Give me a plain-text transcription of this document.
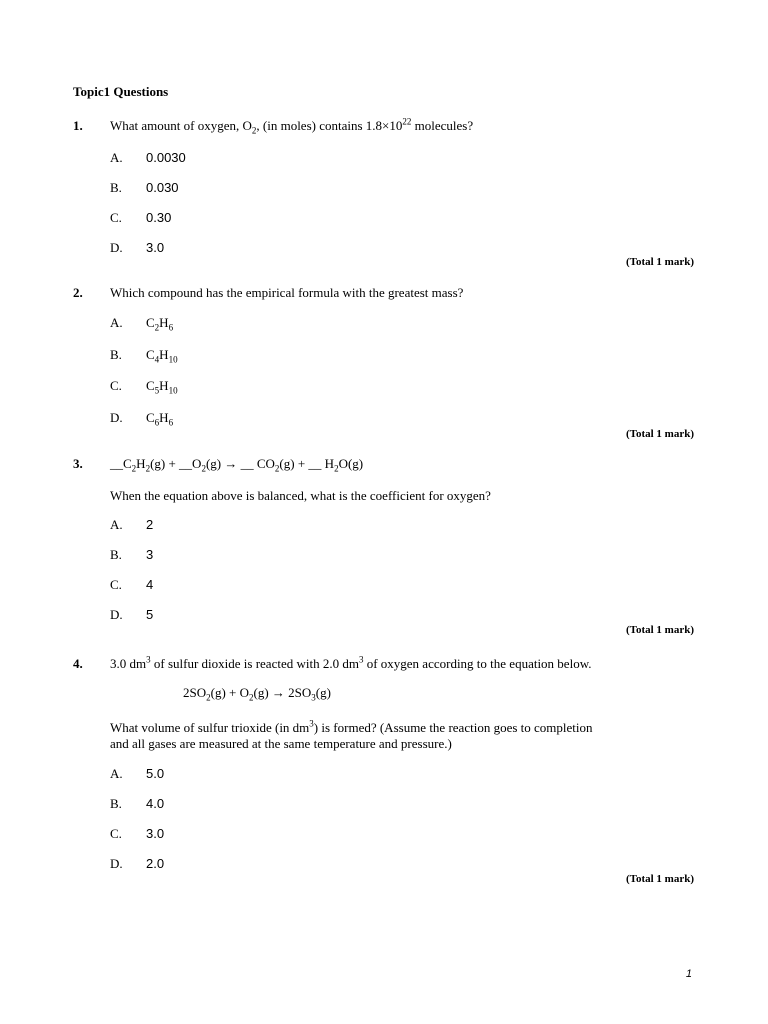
Topic1 Questions
1. What amount of oxygen, $O_2$, (in moles) contains $1.8\times 10^{22}$ molecules?
A. 0.0030
B. 0.030
C. 0.30
D. 3.0
(Total 1 mark)
2. Which compound has the empirical formula with the greatest mass?
A. $C_2H_6$
B. $C_4H_{10}$
C. $C_5H_{10}$
D. $C_6H_6$
(Total 1 mark)
3. $\_\_C_2H_2(g)$ + $\_\_O_2(g)$ → __ $CO_2(g)$ + __ $H_2O(g)$
When the equation above is balanced, what is the coefficient for oxygen?
A. 2
B. 3
C. 4
D. 5
(Total 1 mark)
4. 3.0 $dm^3$ of sulfur dioxide is reacted with 2.0 $dm^3$ of oxygen according to the equation below.
$2SO_2(g) + O_2(g) \to 2SO_3(g)$
What volume of sulfur trioxide (in $dm^3$) is formed? (Assume the reaction goes to completion
and all gases are measured at the same temperature and pressure.)
A. 5.0
B. 4.0
C. 3.0
D. 2.0
(Total 1 mark)
1
